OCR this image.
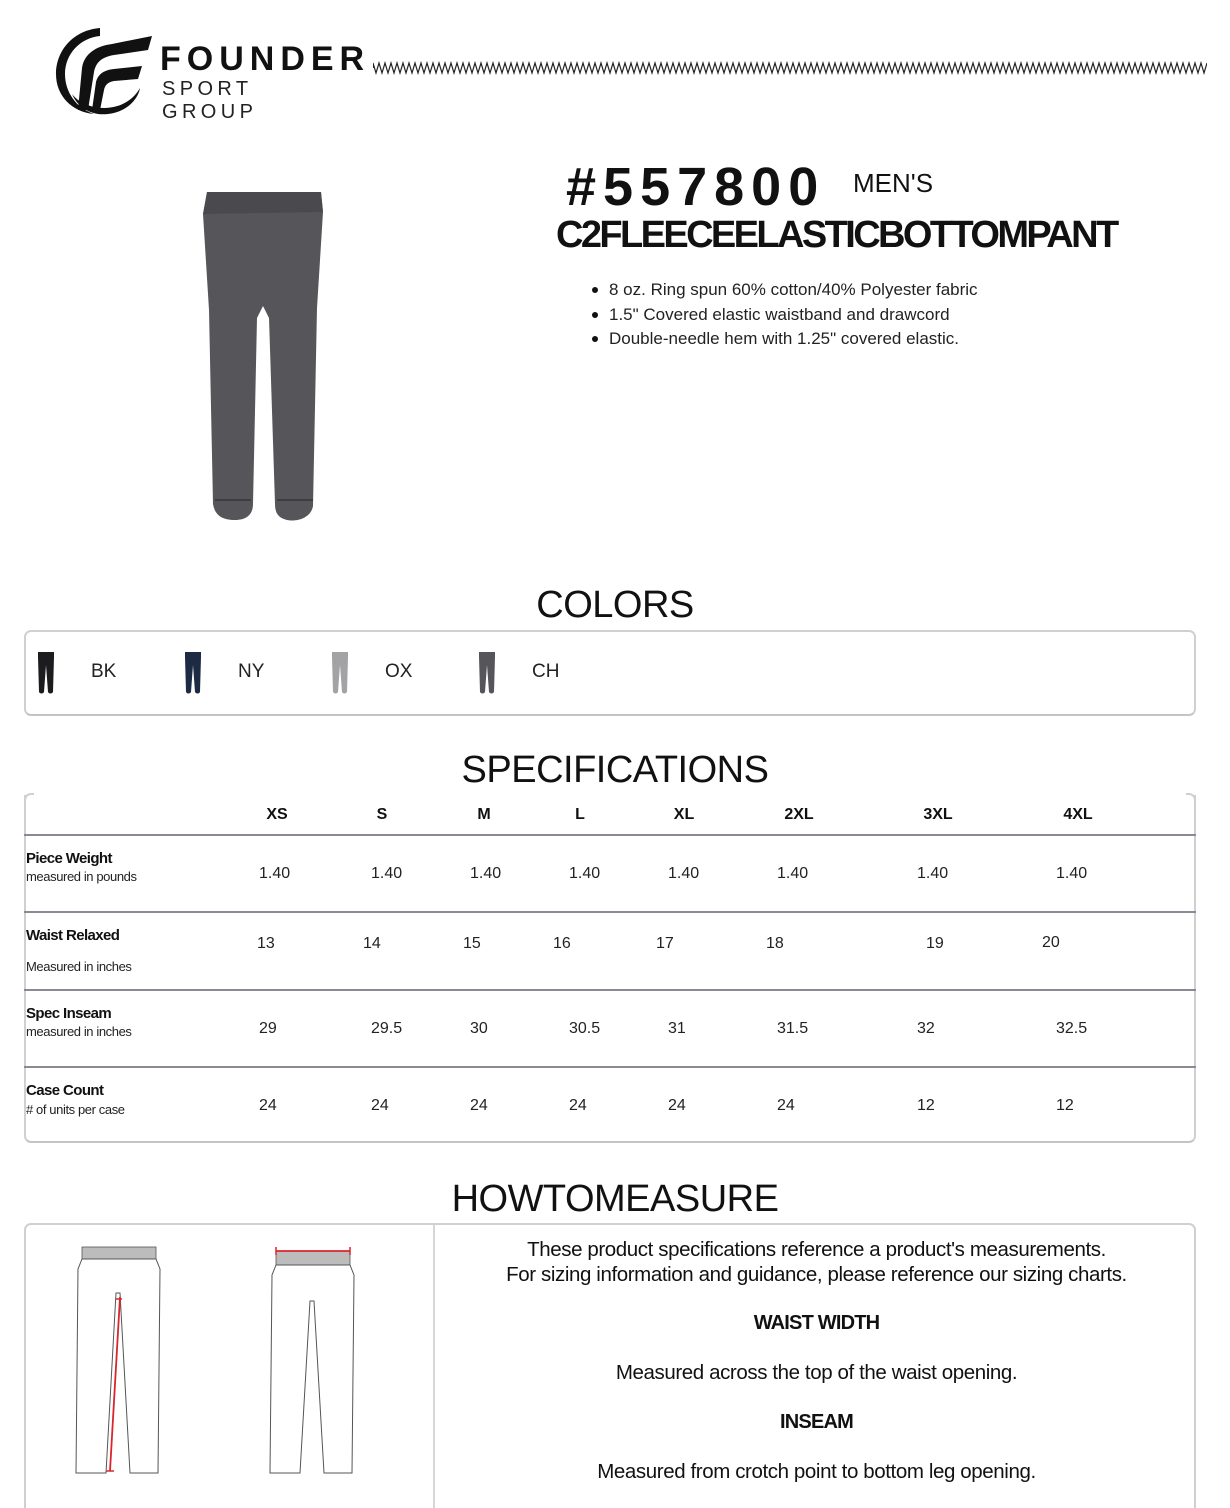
FOUNDER
SPORT GROUP
#557800 MEN'S
C2FLEECEELASTICBOTTOMPANT
8 oz. Ring spun 60% cotton/40% Polyester fabric
1.5" Covered elastic waistband and drawcord
Double-needle hem with 1.25" covered elastic.
COLORS
BK	NY	OX	CH
SPECIFICATIONS
XS	S	M	L	XL	2XL	3XL	4XL
Piece Weight
measured in pounds	1.40	1.40	1.40	1.40	1.40	1.40	1.40	1.40
Waist Relaxed
Measured in inches
13	14	15	16	17	18	19	20
Spec Inseam
measured in inches	29	29.5	30	30.5	31	31.5	32	32.5
Case Count
# of units per case	24	24	24	24	24	24	12	12
HOWTOMEASURE
These product specifications reference a product's measurements.
For sizing information and guidance, please reference our sizing charts.
WAIST WIDTH
Measured across the top of the waist opening.
INSEAM
Measured from crotch point to bottom leg opening.
